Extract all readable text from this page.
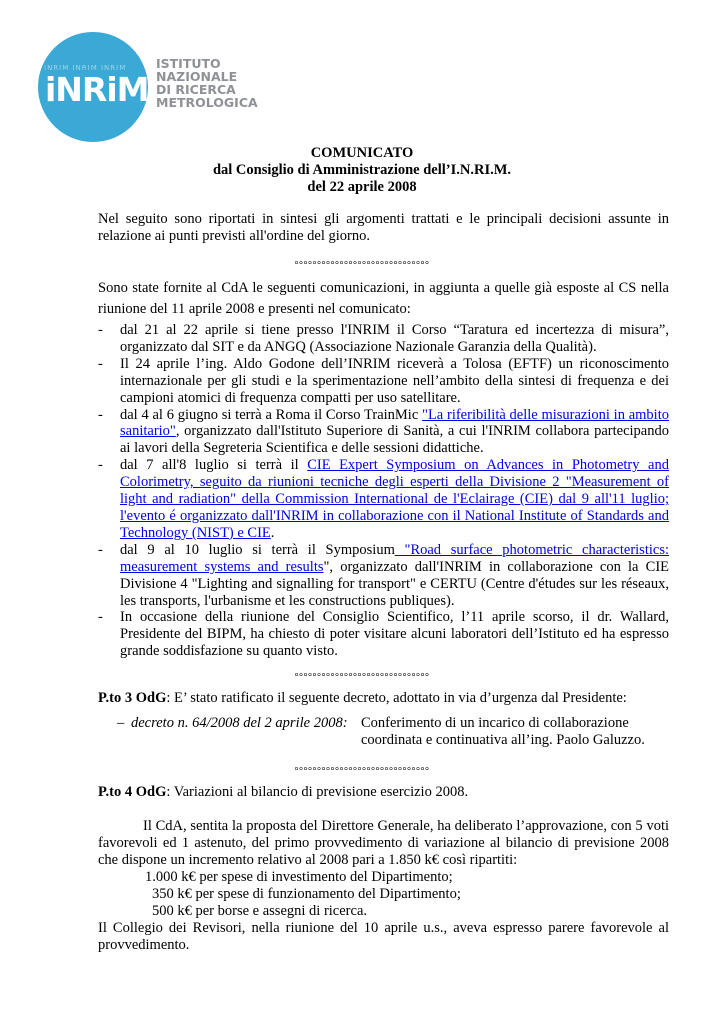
INRIM INRIM INRIM
iNRiM
ISTITUTO
NAZIONALE
DI RICERCA
METROLOGICA
COMUNICATO
dal Consiglio di Amministrazione dell’I.N.RI.M.
del 22 aprile 2008
Nel seguito sono riportati in sintesi gli argomenti trattati e le principali decisioni assunte in relazione ai punti previsti all'ordine del giorno.
°°°°°°°°°°°°°°°°°°°°°°°°°°°°°°
Sono state fornite al CdA le seguenti comunicazioni, in aggiunta a quelle già esposte al CS nella riunione del 11 aprile 2008 e presenti nel comunicato:
- dal 21 al 22 aprile si tiene presso l'INRIM il Corso “Taratura ed incertezza di misura”, organizzato dal SIT e da ANGQ (Associazione Nazionale Garanzia della Qualità).
- Il 24 aprile l’ing. Aldo Godone dell’INRIM riceverà a Tolosa (EFTF) un riconoscimento internazionale per gli studi e la sperimentazione nell’ambito della sintesi di frequenza e dei campioni atomici di frequenza compatti per uso satellitare.
- dal 4 al 6 giugno si terrà a Roma il Corso TrainMic "La riferibilità delle misurazioni in ambito sanitario", organizzato dall'Istituto Superiore di Sanità, a cui l'INRIM collabora partecipando ai lavori della Segreteria Scientifica e delle sessioni didattiche.
- dal 7 all'8 luglio si terrà il CIE Expert Symposium on Advances in Photometry and Colorimetry, seguito da riunioni tecniche degli esperti della Divisione 2 "Measurement of light and radiation" della Commission International de l'Eclairage (CIE) dal 9 all'11 luglio; l'evento é organizzato dall'INRIM in collaborazione con il National Institute of Standards and Technology (NIST) e CIE.
- dal 9 al 10 luglio si terrà il Symposium "Road surface photometric characteristics: measurement systems and results", organizzato dall'INRIM in collaborazione con la CIE Divisione 4 "Lighting and signalling for transport" e CERTU (Centre d'études sur les réseaux, les transports, l'urbanisme et les constructions publiques).
- In occasione della riunione del Consiglio Scientifico, l’11 aprile scorso, il dr. Wallard, Presidente del BIPM, ha chiesto di poter visitare alcuni laboratori dell’Istituto ed ha espresso grande soddisfazione su quanto visto.
°°°°°°°°°°°°°°°°°°°°°°°°°°°°°°
P.to 3 OdG: E’ stato ratificato il seguente decreto, adottato in via d’urgenza dal Presidente:
– decreto n. 64/2008 del 2 aprile 2008: Conferimento di un incarico di collaborazione
coordinata e continuativa all’ing. Paolo Galuzzo.
°°°°°°°°°°°°°°°°°°°°°°°°°°°°°°
P.to 4 OdG: Variazioni al bilancio di previsione esercizio 2008.
Il CdA, sentita la proposta del Direttore Generale, ha deliberato l’approvazione, con 5 voti favorevoli ed 1 astenuto, del primo provvedimento di variazione al bilancio di previsione 2008 che dispone un incremento relativo al 2008 pari a 1.850 k€ così ripartiti:
1.000 k€ per spese di investimento del Dipartimento;
350 k€ per spese di funzionamento del Dipartimento;
500 k€ per borse e assegni di ricerca.
Il Collegio dei Revisori, nella riunione del 10 aprile u.s., aveva espresso parere favorevole al provvedimento.
